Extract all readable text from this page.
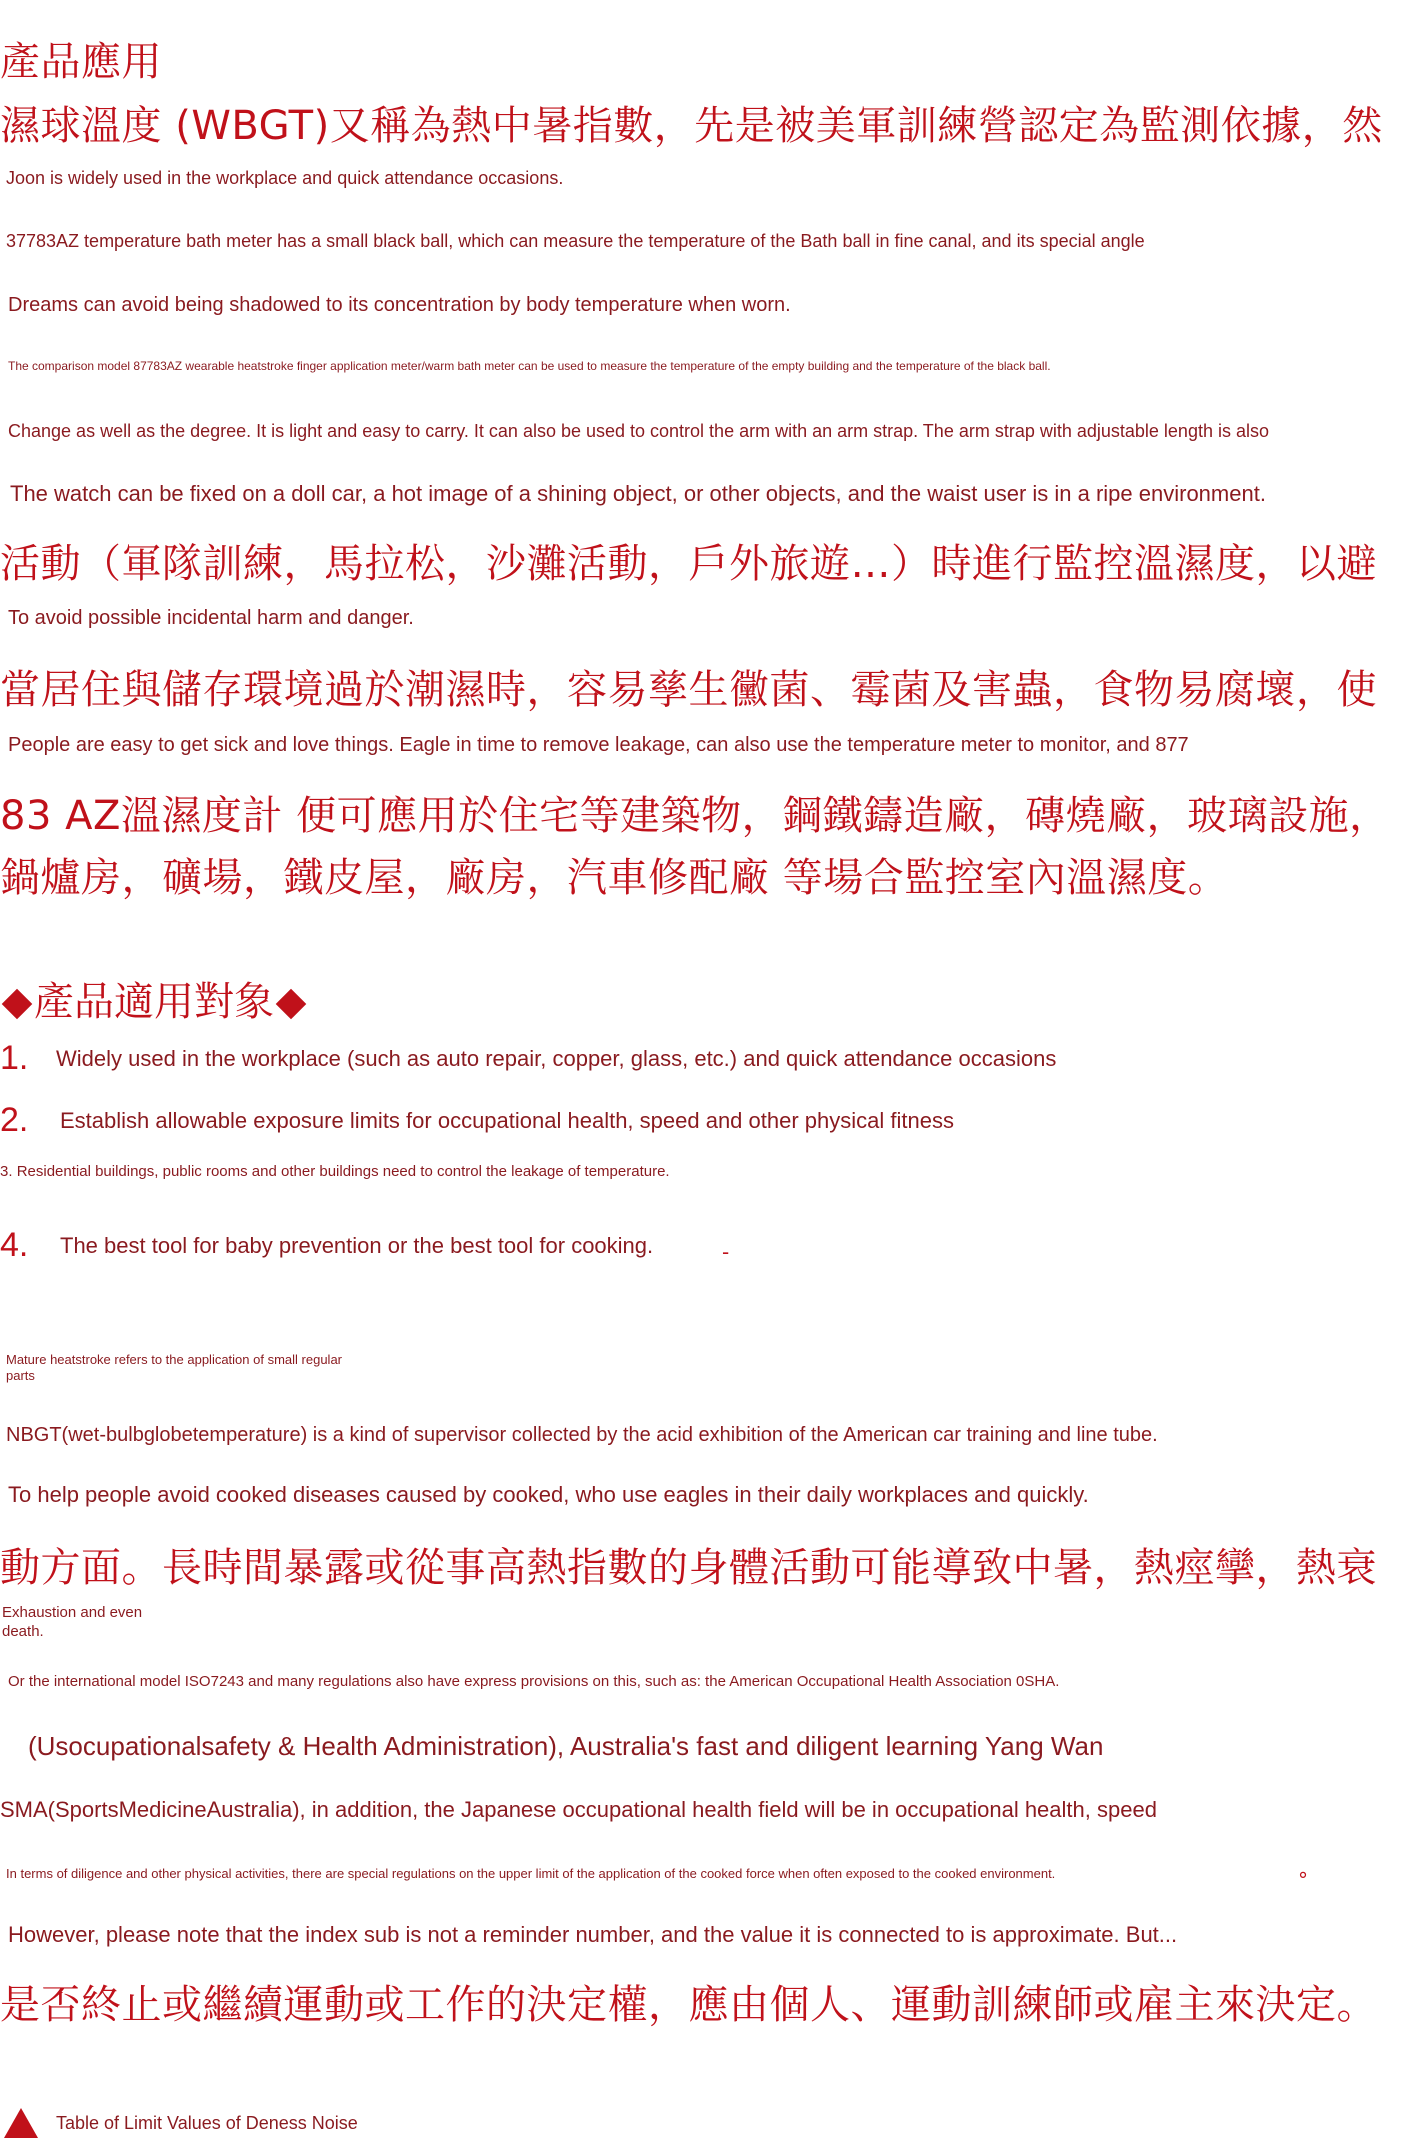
產品應用
濕球溫度 (WBGT)又稱為熱中暑指數，先是被美軍訓練營認定為監測依據，然
Joon is widely used in the workplace and quick attendance occasions.
37783AZ temperature bath meter has a small black ball, which can measure the temperature of the Bath ball in fine canal, and its special angle
Dreams can avoid being shadowed to its concentration by body temperature when worn.
The comparison model 87783AZ wearable heatstroke finger application meter/warm bath meter can be used to measure the temperature of the empty building and the temperature of the black ball.
Change as well as the degree. It is light and easy to carry. It can also be used to control the arm with an arm strap. The arm strap with adjustable length is also
The watch can be fixed on a doll car, a hot image of a shining object, or other objects, and the waist user is in a ripe environment.
活動（軍隊訓練，馬拉松，沙灘活動，戶外旅遊…）時進行監控溫濕度，以避
To avoid possible incidental harm and danger.
當居住與儲存環境過於潮濕時，容易孳生黴菌、霉菌及害蟲，食物易腐壞，使
People are easy to get sick and love things. Eagle in time to remove leakage, can also use the temperature meter to monitor, and 877
83 AZ溫濕度計 便可應用於住宅等建築物，鋼鐵鑄造廠，磚燒廠，玻璃設施，
鍋爐房，礦場，鐵皮屋，廠房，汽車修配廠 等場合監控室內溫濕度。
產品適用對象
1. Widely used in the workplace (such as auto repair, copper, glass, etc.) and quick attendance occasions
2. Establish allowable exposure limits for occupational health, speed and other physical fitness
3. Residential buildings, public rooms and other buildings need to control the leakage of temperature.
4. The best tool for baby prevention or the best tool for cooking.	-
Mature heatstroke refers to the application of small regular parts
NBGT(wet-bulbglobetemperature) is a kind of supervisor collected by the acid exhibition of the American car training and line tube.
To help people avoid cooked diseases caused by cooked, who use eagles in their daily workplaces and quickly.
動方面。長時間暴露或從事高熱指數的身體活動可能導致中暑，熱痙攣，熱衰
Exhaustion and even death.
Or the international model ISO7243 and many regulations also have express provisions on this, such as: the American Occupational Health Association 0SHA.
(Usocupationalsafety & Health Administration), Australia's fast and diligent learning Yang Wan
SMA(SportsMedicineAustralia), in addition, the Japanese occupational health field will be in occupational health, speed
In terms of diligence and other physical activities, there are special regulations on the upper limit of the application of the cooked force when often exposed to the cooked environment.	°
However, please note that the index sub is not a reminder number, and the value it is connected to is approximate. But...
是否終止或繼續運動或工作的決定權，應由個人、運動訓練師或雇主來決定。
Table of Limit Values of Deness Noise
